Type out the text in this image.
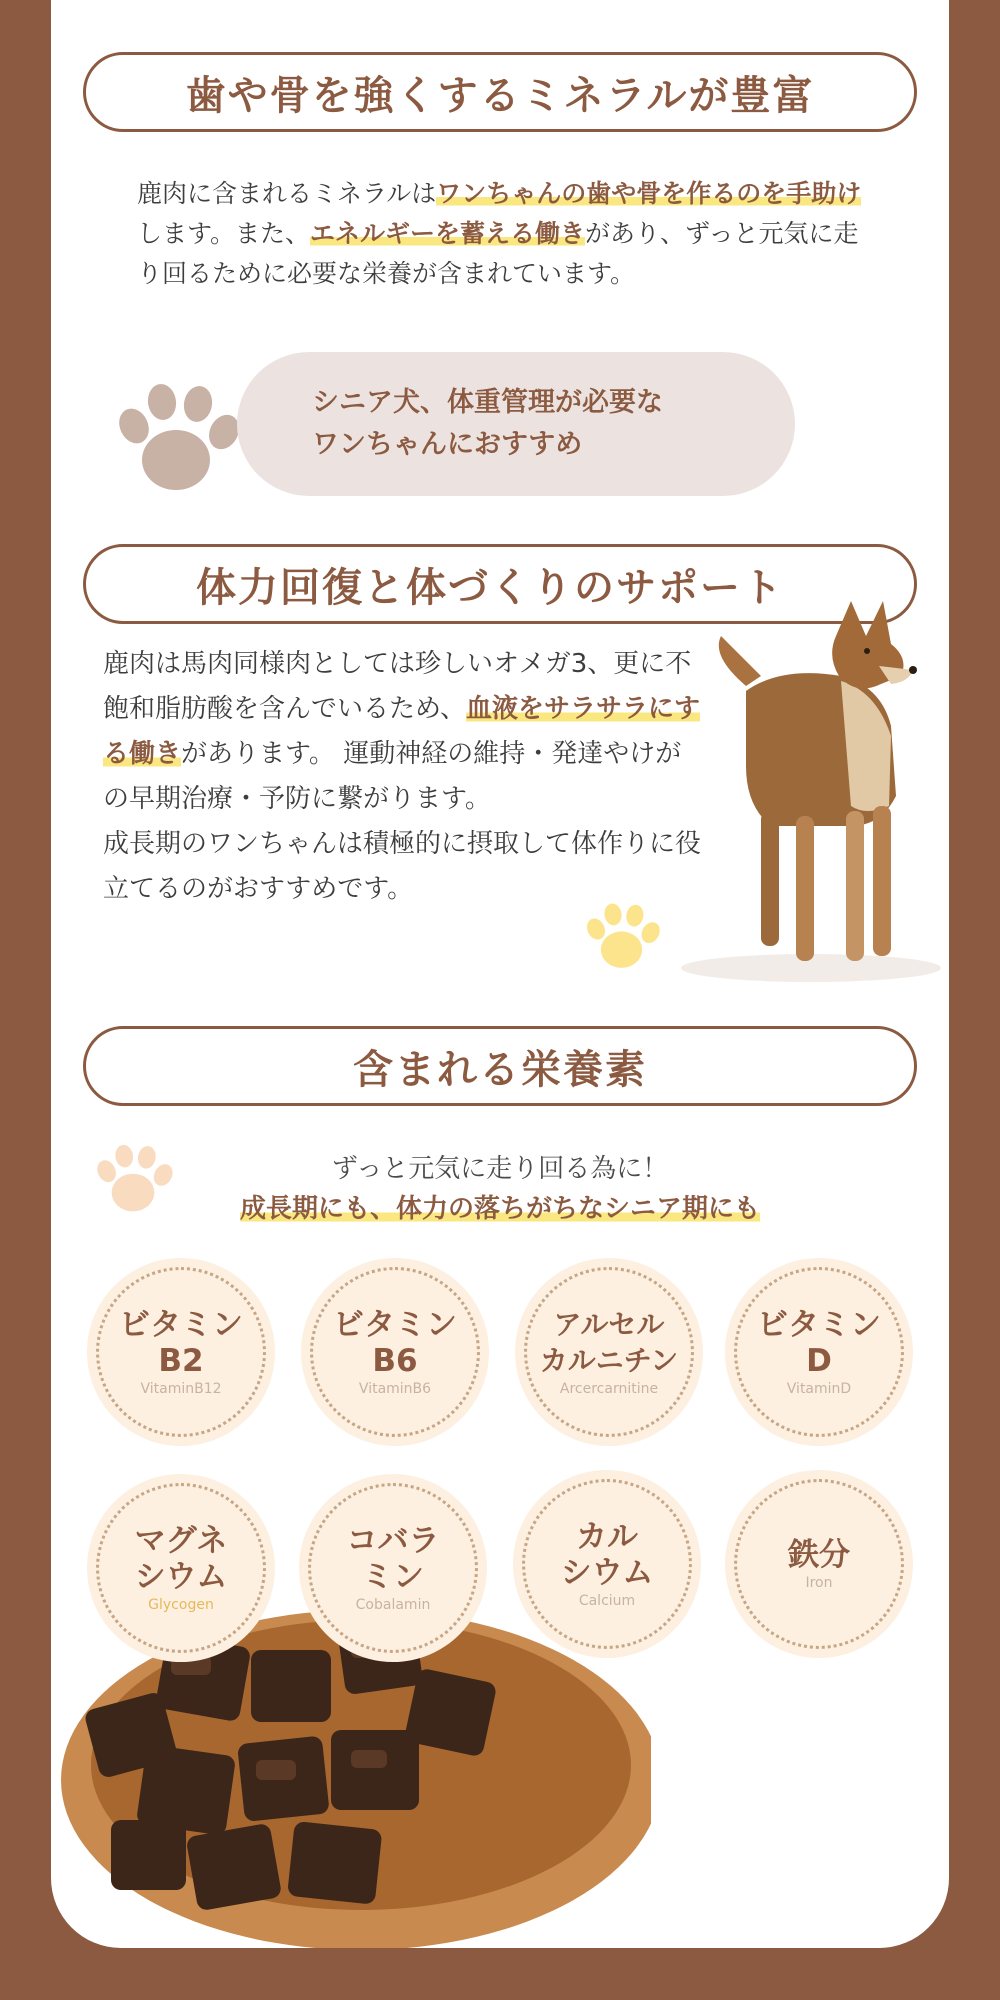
歯や骨を強くするミネラルが豊富
鹿肉に含まれるミネラルはワンちゃんの歯や骨を作るのを手助けします。また、エネルギーを蓄える働きがあり、ずっと元気に走り回るために必要な栄養が含まれています。
シニア犬、体重管理が必要な
ワンちゃんにおすすめ
体力回復と体づくりのサポート
鹿肉は馬肉同様肉としては珍しいオメガ3、更に不飽和脂肪酸を含んでいるため、血液をサラサラにする働きがあります。 運動神経の維持・発達やけがの早期治療・予防に繋がります。
成長期のワンちゃんは積極的に摂取して体作りに役立てるのがおすすめです。
含まれる栄養素
ずっと元気に走り回る為に！
成長期にも、体力の落ちがちなシニア期にも
ビタミン
B2
VitaminB12
ビタミン
B6
VitaminB6
アルセル
カルニチン
Arcercarnitine
ビタミン
D
VitaminD
マグネ
シウム
Glycogen
コバラ
ミン
Cobalamin
カル
シウム
Calcium
鉄分
Iron
